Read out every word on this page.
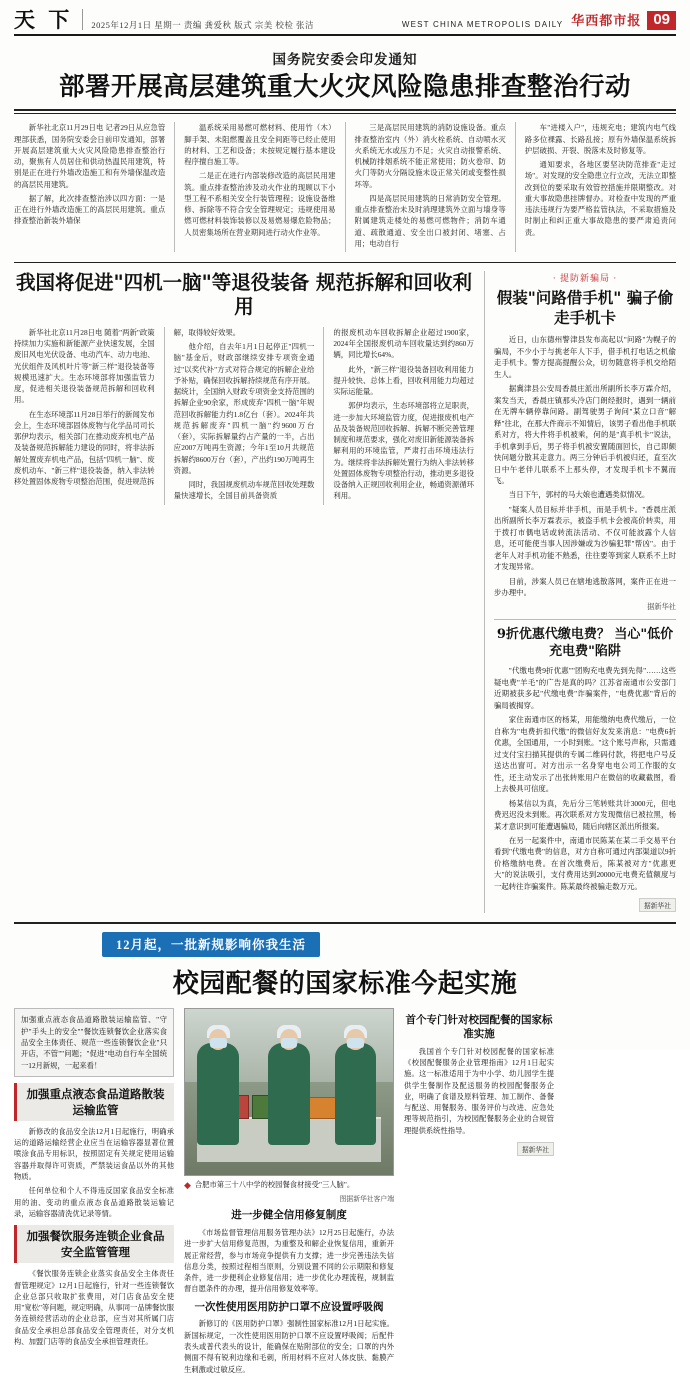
天 下	2025年12月1日 星期一 责编 龚爱秋 版式 宗美 校检 张洁	WEST CHINA METROPOLIS DAILY 华西都市报 09
国务院安委会印发通知
部署开展高层建筑重大火灾风险隐患排查整治行动

新华社北京11月29日电 记者29日从应急管理部获悉，国务院安委会日前印发通知，部署开展高层建筑重大火灾风险隐患排查整治行动，聚焦有人员居住和供动热温民用建筑，特别是正在进行外墙改造施工和有外墙保温改造的高层民用建筑。

据了解，此次排查整治涉以四方面：一是正在进行外墙改造施工的高层民用建筑。重点排查整治新装外墙保

温系统采用易燃可燃材料、使用竹（木）脚手架、未阻燃覆盖且安全间距等已经止使用的材料、工艺和设备；未按规定履行基本建设程序擅自施工等。

二是正在进行内部装修改造的高层民用建筑。重点排查整治涉及动火作业的现顾以下小型工程不系相关安全行装管理程；设施设备维修、拆除等不符合安全管理规定；违规使用易燃可燃材料装饰装修以及易燃易爆危险物品；人员密集场所在营业期间进行动火作业等。

三是高层民用建筑的消防设施设备。重点排查整治室内（外）消火栓系统、自动喷水灭火系统无水或压力不足；火灾自动报警系统、机械防排烟系统不能正常使用；防火卷帘、防火门等防火分隔设施未设正常关闭或变整性损坏等。

四是高层民用建筑的日常消防安全管理。重点排查整治未及时消理建筑外立面与墙身等附属建筑走楼处的易燃可燃物件；消防车通道、疏散通道、安全出口被封闭、堵塞、占用；电动自行

车"进楼入户"，违规充电；建筑内电气线路多位裸露、长路乱接；原有外墙保温系统拆护层破损、开裂、脱落未及时修复等。

通知要求，各地区要坚决防范排查"走过场"。对发现的安全隐患立行立改，无法立即整改到位的要采取有效管控措施并限期整改。对重大事故隐患挂牌督办。对检查中发现的严重违法违规行为要严格监管执法，不采取措施及时制止和纠正重大事故隐患的要严肃追责问责。

我国将促进"四机一脑"等退役装备 规范拆解和回收利用

新华社北京11月28日电 随着"两新"政策持续加力实施和新能源产业快速发展，全国废旧风电光伏设备、电动汽车、动力电池、光伏组件及风机叶片等"新三样"退役装备等规模迅速扩大。生态环境部将加强监管力度，促进相关退役装备规范拆解和回收利用。

在生态环境部11月28日举行的新闻发布会上，生态环境部固体废物与化学品司司长郭伊均表示，相关部门在推动废弃机电产品及装备规范拆解能力建设的同时，将非法拆解处置废弃机电产品，包括"四机一脑"、废废机动车、"新三样"退役装备，纳入非法转移处置固体废物专项整治范围，促进规范拆

解，取得较好效果。

他介绍，自去年1月1日起停正"四机一脑"基金后，财政部继续安排专项资金通过"以奖代补"方式对符合规定的拆解企业给予补贴，确保回收拆解持续规范有序开展。据统计，全国纳入财政专项资金支持范围的拆解企业90余家，形成废弃"四机一脑"年规范回收拆解能力约1.8亿台（套）。2024年共规范拆解废弃"四机一脑"约9600万台（套），实际拆解量约占产量的一半，占出应2007万吨再生资源；今年1至10月共规范拆解约8600万台（套），产出约190万吨再生资源。

同时，我国规废机动车规范回收处理数量快速增长，全国目前具备资质

的报废机动车回收拆解企业超过1900家，2024年全国报废机动车回收量达到约860万辆，同比增长64%。

此外，"新三样"退役装备回收利用能力提升较快、总体上看，回收利用能力均超过实际运能量。

郭伊均表示，生态环境部将立足职责，进一步加大环境监管力度，促进报废机电产品及装备规范回收拆解、拆解不断完善管理制度和规范要求，强化对废旧新能源装备拆解利用的环境监管，严肃打击环境违法行为。继续将非法拆解处置行为纳入非法转移处置固体废物专项整治行动，推动更多退役设备纳入正规回收利用企业，畅通资源循环利用。

· 提防新骗局 ·
假装"问路借手机" 骗子偷走手机卡

近日，山东德州警津县发布高起以"问路"为幌子的骗局，不少小于与挑老年人下手，借手机打电话之机偷走手机卡。警方提高提醒公众，切勿随意将手机交给陌生人。

据冀津县公安局香晨庄派出所副所长李万霖介绍，案发当天，香晨庄镇那头冷店门朗经报时，遇到一辆前在无牌车辆停靠问路。副驾驶男子询问"某立口音"解释"往北，在那大件商示不知情后，该男子看出他手机联系对方，将大件将手机被乘，何的是"真手机卡"说法，手机拿到手后，男子将手机被安置随面回长，自己即颇快问题分散其走意力。两三分钟后手机被归还，直至次日中午老伴儿联系不上那头停，才发现手机卡不翼而飞。

当日下午，郭村的马大娘也遭遇类似情况。

"疑案人员目标并非手机，而是手机卡。"香晨庄派出所副所长李万霖表示，被盗手机卡会被高价转卖，用于拨打市偶电话或转流法活动、不仅可能波露个人信息，还可能使当事人因涉嫌或为沙骗犯罪"帮凶"。由于老年人对手机功能不熟悉，往往要等到家人联系不上时才发现异常。

目前，涉案人员已在辖地逃散落网，案件正在进一步办理中。

据新华社
9折优惠代缴电费？ 当心"低价充电费"陷阱

"代缴电费9折优惠""团购充电费先到先得"……这些疑电费"羊毛"的广告是真的吗？江苏省南通市公安部门近期被获多起"代缴电费"诈骗案件，"电费优惠"背后的骗局被揭穿。

家住南通市区的杨某，用能缴纳电费代缴后，一位自称为"电费折扣代缴"的微信好友发来消息："电费6折优惠，全国通用，一小时到账。"这个账号声称，只需通过支付宝扫描其提供的专属二维码付款，将把电户号反送达出窗可。对方出示一名身穿电电公司工作服的女性，还主动发示了出张转账用户在微信的收藏截图，看上去极具可信度。

杨某信以为真，先后分三笔转账共计3000元，但电费迟迟没未到账。再次联系对方发现微信已被拉黑，杨某才意识到可能遭遇骗局，随后向辖区派出所报案。

在另一起案件中，南通市民陈某在某二手交易平台看到"代缴电费"的信息，对方自称可通过内部渠道以9折价格缴纳电费。在首次缴费后，陈某被对方"优惠更大"的说法吸引，支付费用达到20000元电费充值额度与一起转往诈骗案件。陈某最终被骗走数万元。

据新华社
12月起，一批新规影响你我生活
校园配餐的国家标准今起实施
加强重点液态食品道路散装运输监管、"守护"手头上的安全""餐饮连锁餐饮企业落实食品安全主体责任、规范一些连锁餐饮企业"只开店，不管""问题；"促进"电动自行车全国统一12月新规，一起来看！
加强重点液态食品道路散装运输监管

新修改的食品安全法12月1日起施行，明确承运的道路运输经营企业应当在运输容器显著位置喷涂食品专用标识，按照固定有关规定使用运输容器并取得许可资质，严禁装运食品以外的其他物质。

任何单位和个人不得违反国家食品安全标准用的油、变动的重点液态食品道路散装运输记录，运输容器清洗优记录等情。

加强餐饮服务连锁企业食品安全监管管理

《餐饮服务连锁企业蒸实食品安全主体责任督管理规定》12月1日起施行，针对一些连锁餐饮企业总部只收取扩张费用，对门店食品安全使用"宽松"等问题，规定明确，从事同一品牌餐饮服务连锁经营活动的企业总部，应当对其所属门店食品安全承担总部食品安全管理责任，对分支机构、加盟门店等的食品安全承担管理责任。

◆ 合肥市第三十八中学的校园餐食材接受"三人脑"。
图据新华社客户端
进一步健全信用修复制度

《市场监督管理信用服务管理办法》12月25日起施行，办法进一步扩大信用修复范围，为重整及和解企业恢复信用，重新开展正常经营，参与市场竞争提供有力支撑；进一步完善违法失信信息分类，按照过程相当原则，分别设置不同的公示期限和修复条件，进一步便利企业修复信用；进一步优化办理流程，规制监督自愿条件的办理，提升信用修复效率等。

一次性使用医用防护口罩不应设置呼吸阀

新修订的《医用防护口罩》强制性国家标准12月1日起实施。新国标规定，一次性使用医用防护口罩不应设置呼吸阀；后配件表头或普代表头的设计，能确保在贴附部位的安全；口罩的内外侧面不得有锐利边缘和毛刺，所用材料不应对人体皮肤、黏膜产生刺激或过敏反应。

首个专门针对校园配餐的国家标准实施

我国首个专门针对校园配餐的国家标准《校园配餐服务企业管理指南》12月1日起实施。这一标准适用于为中小学、幼儿园学生提供学生餐制作及配送服务的校园配餐服务企业，明确了食谱及原料管理、加工制作、备餐与配送、用餐服务、服务评价与改进、应急处理等规范指引，为校园配餐服务企业的合规管理提供系统性指导。

据新华社
